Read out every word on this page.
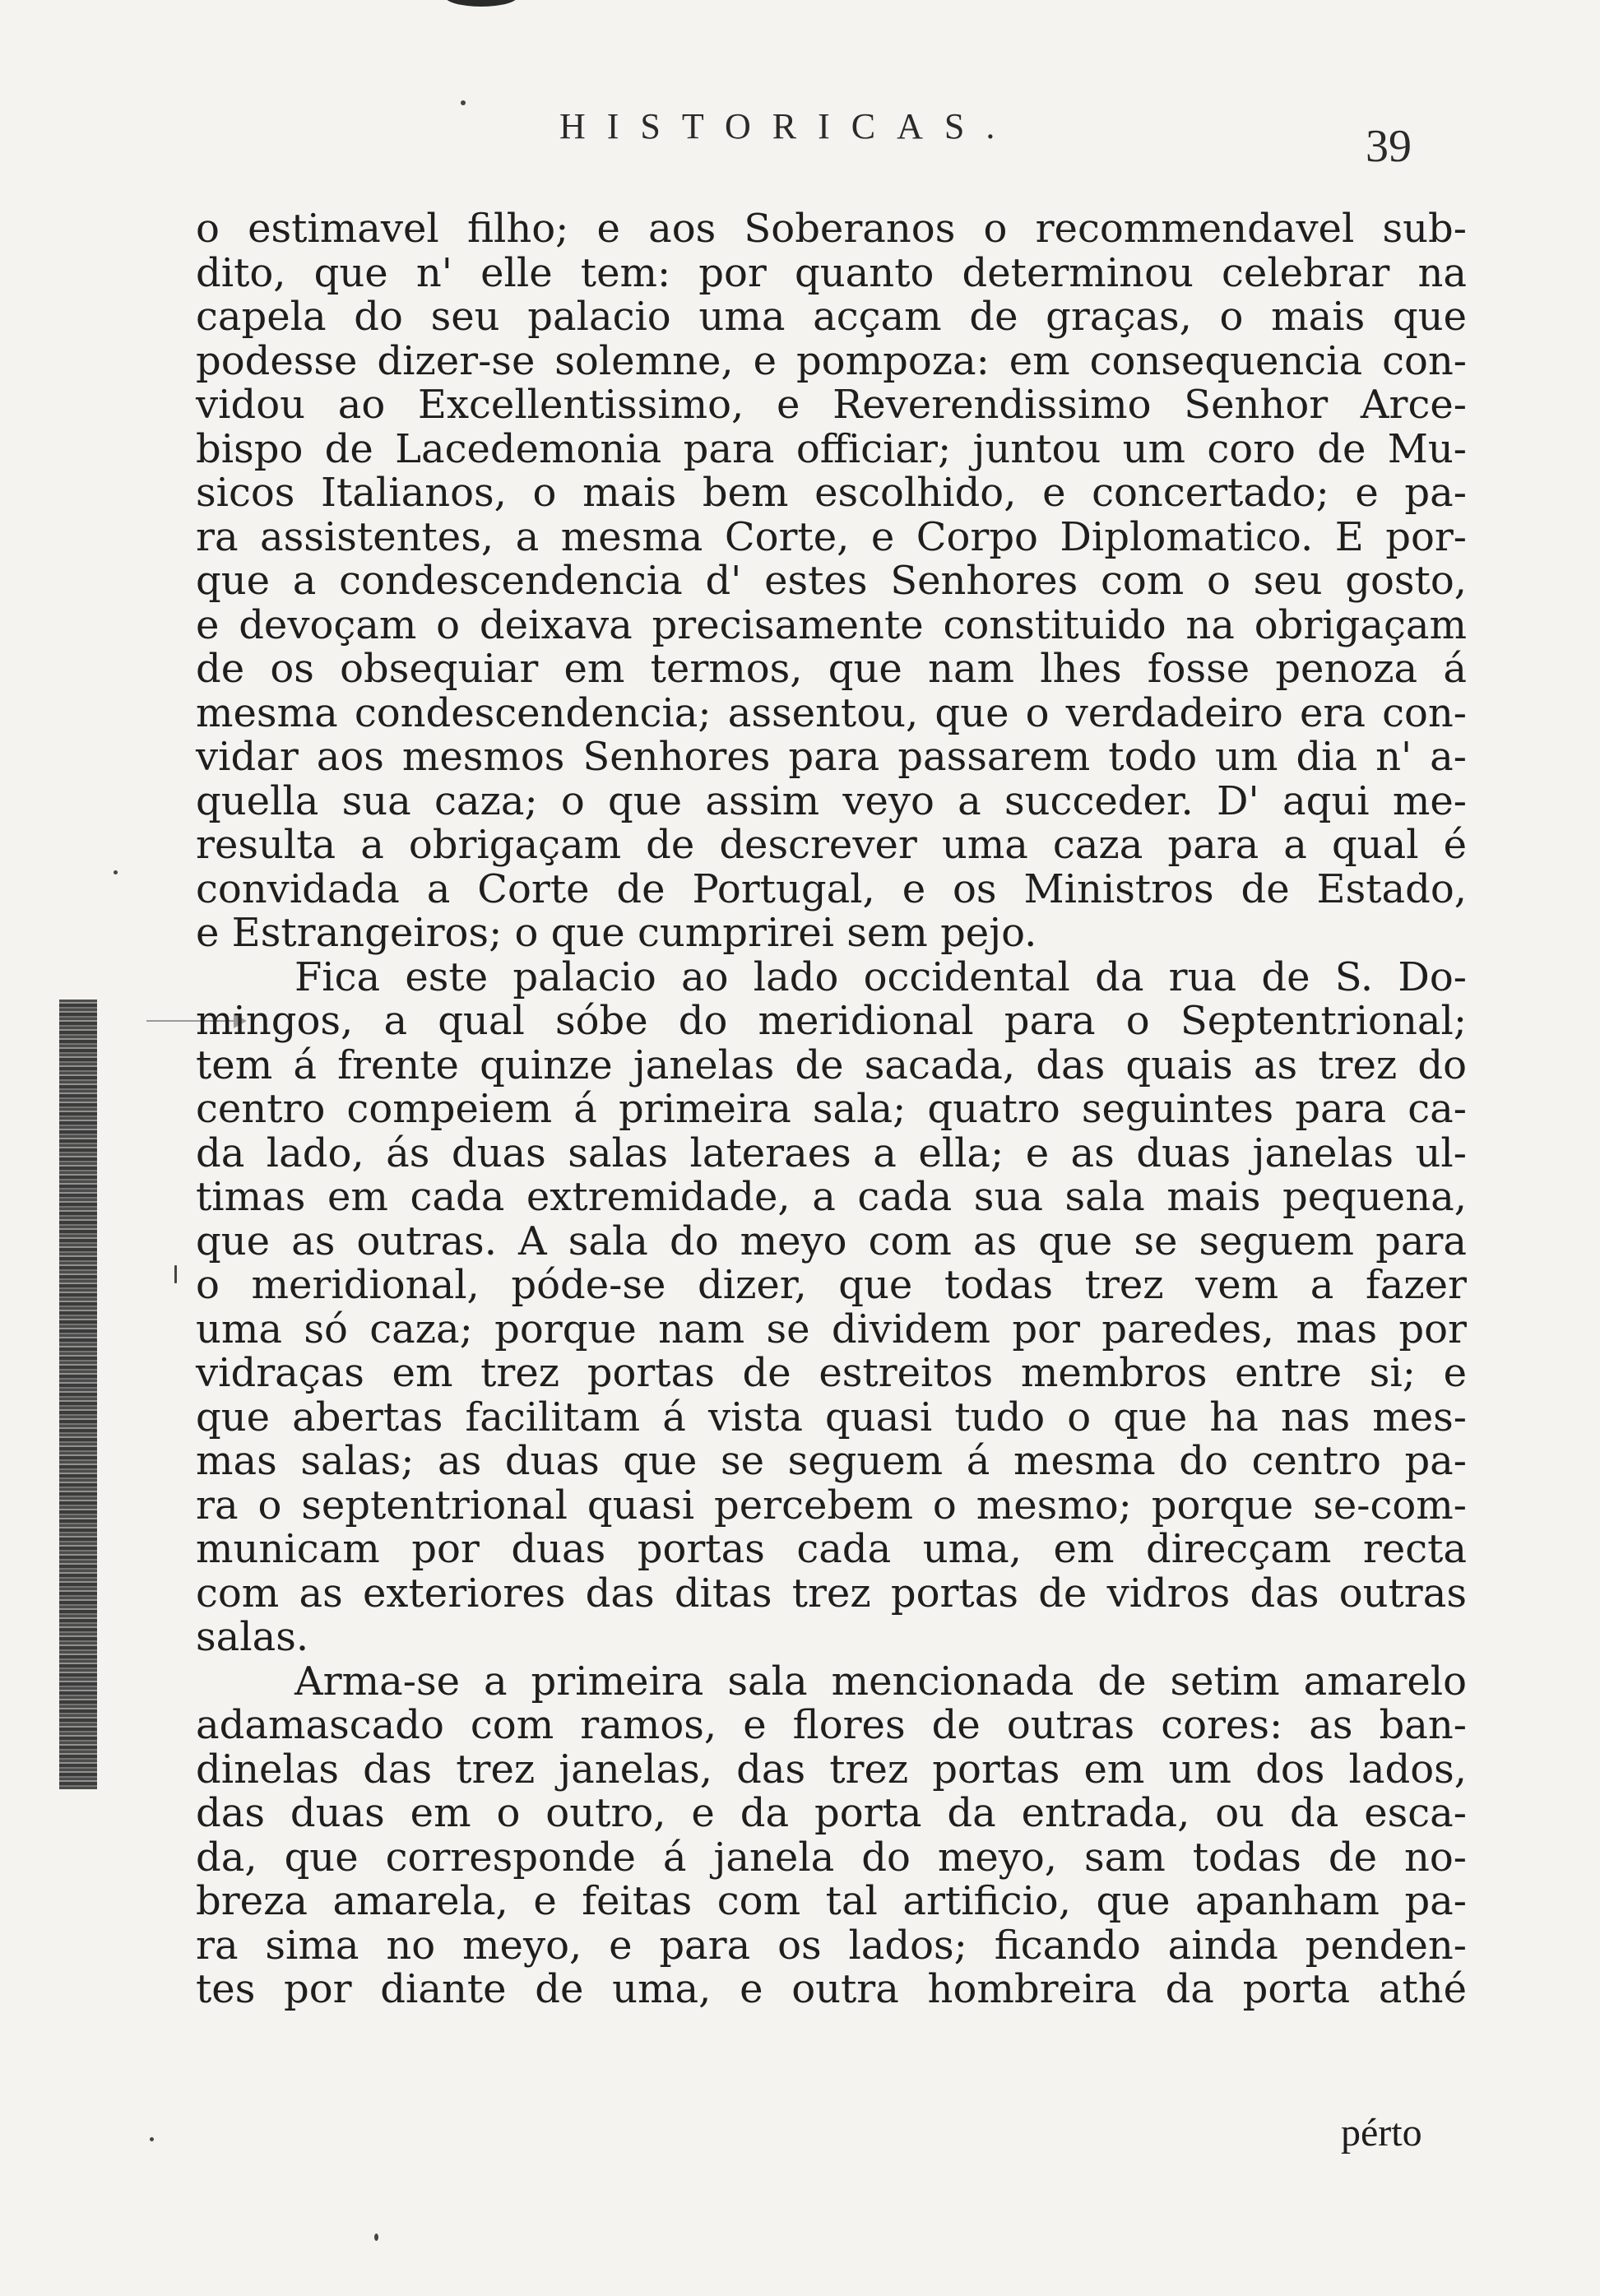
HISTORICAS.	39
o estimavel filho; e aos Soberanos o recommendavel sub-
dito, que n' elle tem: por quanto determinou celebrar na
capela do seu palacio uma acçam de graças, o mais que
podesse dizer-se solemne, e pompoza: em consequencia con-
vidou ao Excellentissimo, e Reverendissimo Senhor Arce-
bispo de Lacedemonia para officiar; juntou um coro de Mu-
sicos Italianos, o mais bem escolhido, e concertado; e pa-
ra assistentes, a mesma Corte, e Corpo Diplomatico. E por-
que a condescendencia d' estes Senhores com o seu gosto,
e devoçam o deixava precisamente constituido na obrigaçam
de os obsequiar em termos, que nam lhes fosse penoza á
mesma condescendencia; assentou, que o verdadeiro era con-
vidar aos mesmos Senhores para passarem todo um dia n' a-
quella sua caza; o que assim veyo a succeder. D' aqui me-
resulta a obrigaçam de descrever uma caza para a qual é
convidada a Corte de Portugal, e os Ministros de Estado,
e Estrangeiros; o que cumprirei sem pejo.
Fica este palacio ao lado occidental da rua de S. Do-
mingos, a qual sóbe do meridional para o Septentrional;
tem á frente quinze janelas de sacada, das quais as trez do
centro compeiem á primeira sala; quatro seguintes para ca-
da lado, ás duas salas lateraes a ella; e as duas janelas ul-
timas em cada extremidade, a cada sua sala mais pequena,
que as outras. A sala do meyo com as que se seguem para
o meridional, póde-se dizer, que todas trez vem a fazer
uma só caza; porque nam se dividem por paredes, mas por
vidraças em trez portas de estreitos membros entre si; e
que abertas facilitam á vista quasi tudo o que ha nas mes-
mas salas; as duas que se seguem á mesma do centro pa-
ra o septentrional quasi percebem o mesmo; porque se-com-
municam por duas portas cada uma, em direcçam recta
com as exteriores das ditas trez portas de vidros das outras
salas.
Arma-se a primeira sala mencionada de setim amarelo
adamascado com ramos, e flores de outras cores: as ban-
dinelas das trez janelas, das trez portas em um dos lados,
das duas em o outro, e da porta da entrada, ou da esca-
da, que corresponde á janela do meyo, sam todas de no-
breza amarela, e feitas com tal artificio, que apanham pa-
ra sima no meyo, e para os lados; ficando ainda penden-
tes por diante de uma, e outra hombreira da porta athé
pérto
